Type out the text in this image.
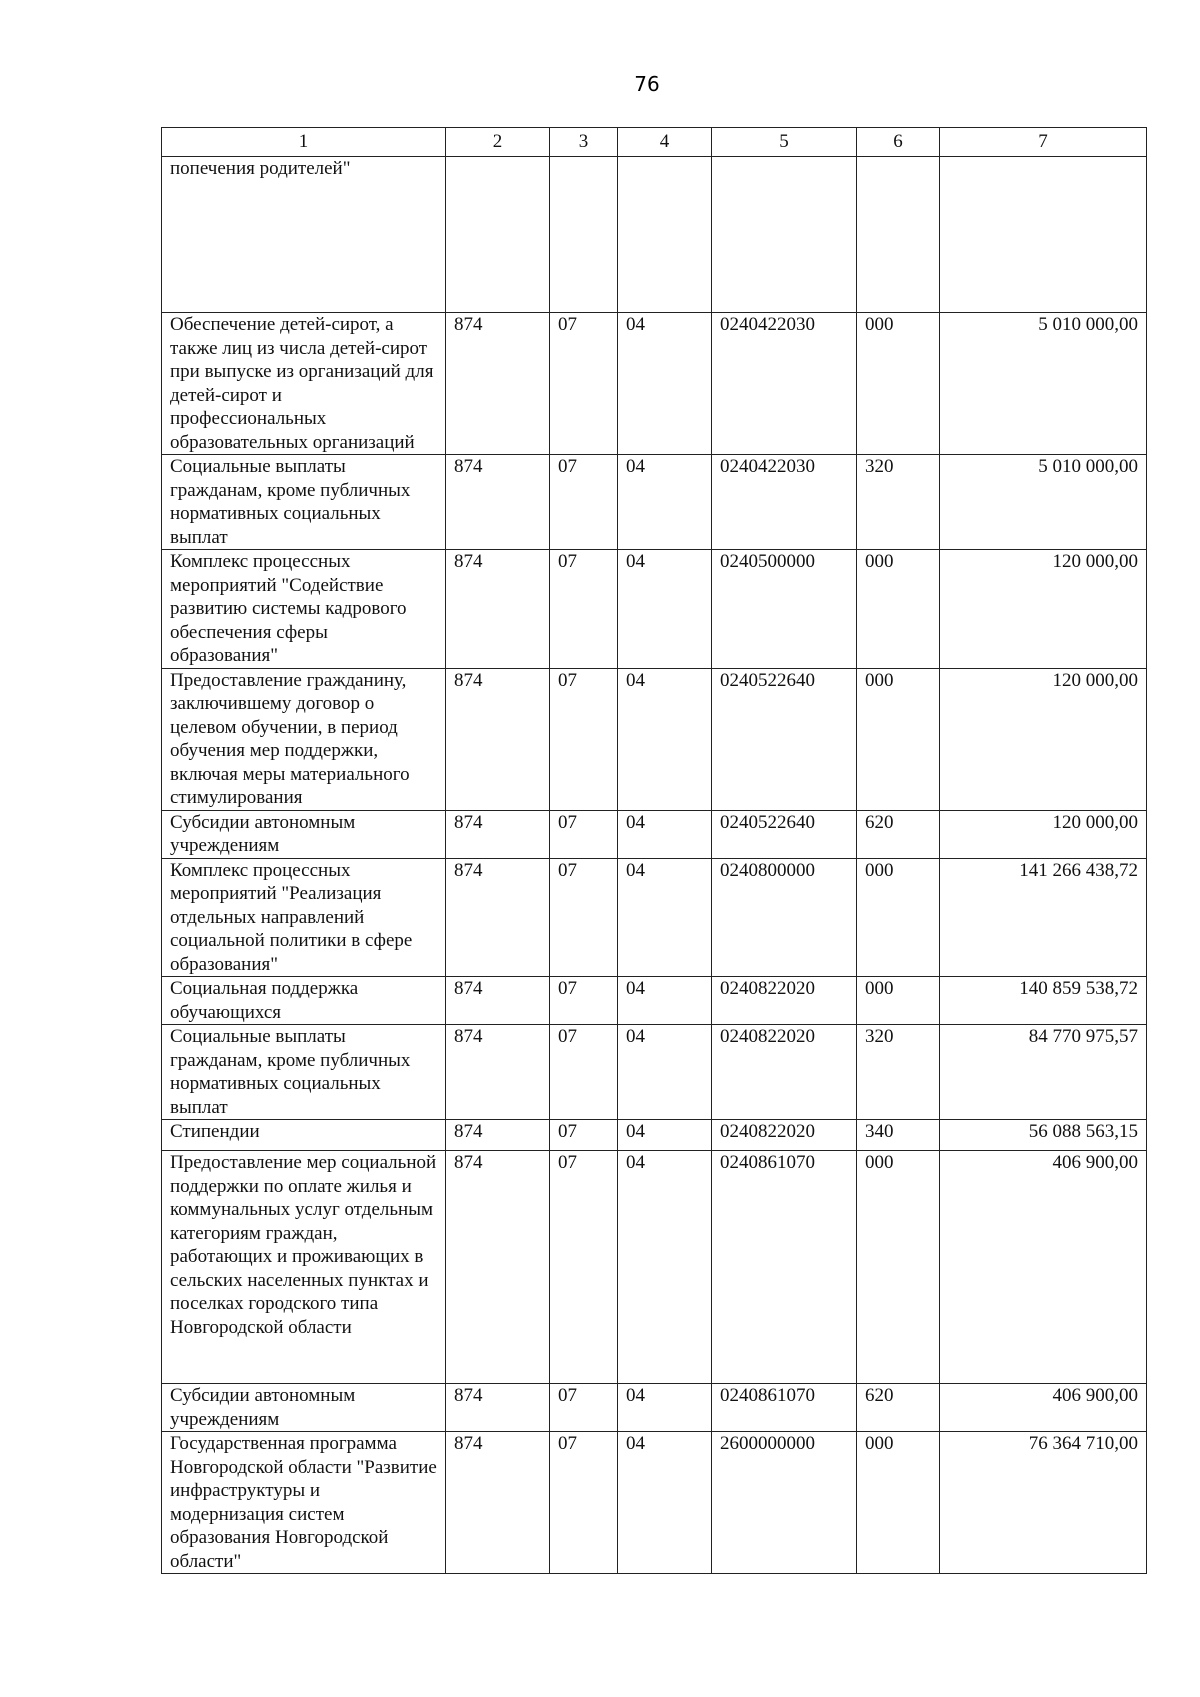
76
1	2	3	4	5	6	7
попечения родителей"						
Обеспечение детей-сирот, а также лиц из числа детей-сирот при выпуске из организаций для детей-сирот и профессиональных образовательных организаций	874	07	04	0240422030	000	5 010 000,00
Социальные выплаты гражданам, кроме публичных нормативных социальных выплат	874	07	04	0240422030	320	5 010 000,00
Комплекс процессных мероприятий "Содействие развитию системы кадрового обеспечения сферы образования"	874	07	04	0240500000	000	120 000,00
Предоставление гражданину, заключившему договор о целевом обучении, в период обучения мер поддержки, включая меры материального стимулирования	874	07	04	0240522640	000	120 000,00
Субсидии автономным учреждениям	874	07	04	0240522640	620	120 000,00
Комплекс процессных мероприятий "Реализация отдельных направлений социальной политики в сфере образования"	874	07	04	0240800000	000	141 266 438,72
Социальная поддержка обучающихся	874	07	04	0240822020	000	140 859 538,72
Социальные выплаты гражданам, кроме публичных нормативных социальных выплат	874	07	04	0240822020	320	84 770 975,57
Стипендии	874	07	04	0240822020	340	56 088 563,15
Предоставление мер социальной поддержки по оплате жилья и коммунальных услуг отдельным категориям граждан, работающих и проживающих в сельских населенных пунктах и поселках городского типа Новгородской области	874	07	04	0240861070	000	406 900,00
Субсидии автономным учреждениям	874	07	04	0240861070	620	406 900,00
Государственная программа Новгородской области "Развитие инфраструктуры и модернизация систем образования Новгородской области"	874	07	04	2600000000	000	76 364 710,00
